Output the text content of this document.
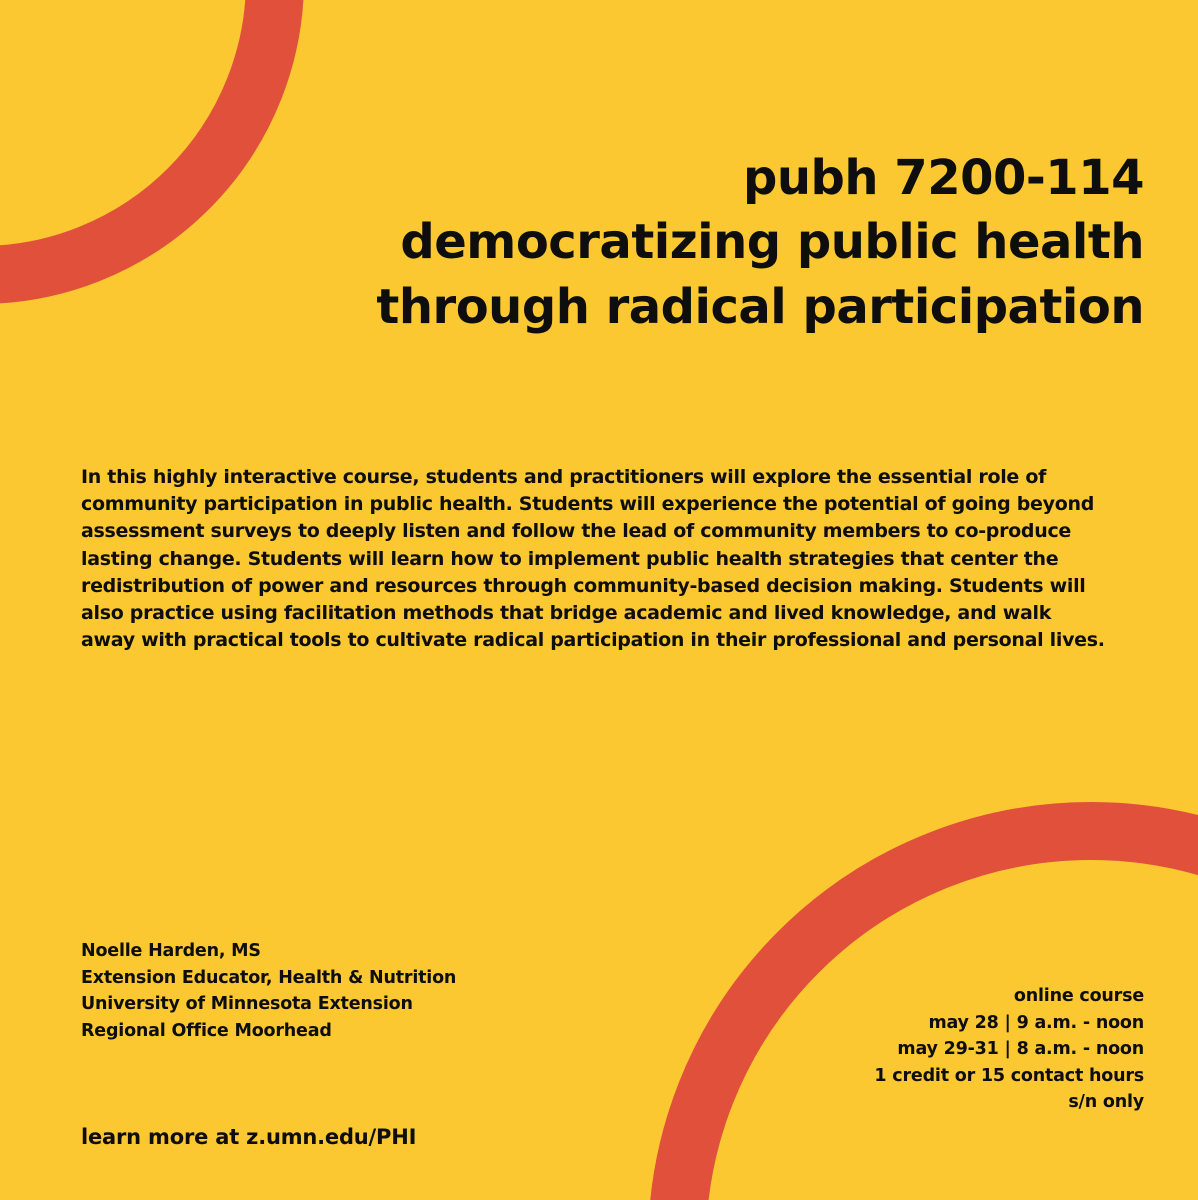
pubh 7200-114
democratizing public health
through radical participation

In this highly interactive course, students and practitioners will explore the essential role of community participation in public health. Students will experience the potential of going beyond assessment surveys to deeply listen and follow the lead of community members to co-produce lasting change. Students will learn how to implement public health strategies that center the redistribution of power and resources through community-based decision making. Students will also practice using facilitation methods that bridge academic and lived knowledge, and walk away with practical tools to cultivate radical participation in their professional and personal lives.

Noelle Harden, MS
Extension Educator, Health & Nutrition
University of Minnesota Extension
Regional Office Moorhead
online course
may 28 | 9 a.m. - noon
may 29-31 | 8 a.m. - noon
1 credit or 15 contact hours
s/n only
learn more at z.umn.edu/PHI
